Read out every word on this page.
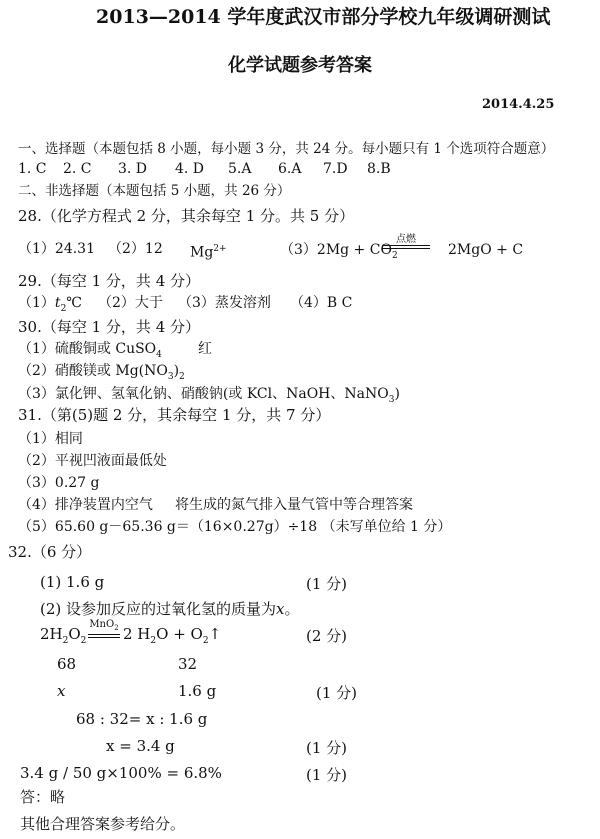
2013—2014 学年度武汉市部分学校九年级调研测试
化学试题参考答案
2014.4.25
一、选择题（本题包括 8 小题，每小题 3 分，共 24 分。每小题只有 1 个选项符合题意）
1. C 2. C 3. D 4. D 5.A 6.A 7.D 8.B
二、非选择题（本题包括 5 小题，共 26 分）
28.（化学方程式 2 分，其余每空 1 分。共 5 分）
（1）24.31 （2）12 $Mg^{2+}$	$(3)2Mg + CO_2$
点燃
2MgO + C
29.（每空 1 分，共 4 分）
$(1)t_2℃$ （2）大于 （3）蒸发溶剂 （4）B C
30.（每空 1 分，共 4 分）
（1）硫酸铜或 CuSO$_4$	红
（2）硝酸镁或 $Mg(NO_3)_2$
（3）氯化钾、氢氧化钠、硝酸钠(或 KCl、NaOH、NaNO$_3$)
31.（第(5)题 2 分，其余每空 1 分，共 7 分）
（1）相同
（2）平视凹液面最低处
（3）0.27 g
（4）排净装置内空气 将生成的氮气排入量气管中等合理答案
（5）65.60 g－65.36 g＝（16×0.27g）÷18 （未写单位给 1 分）
32.（6 分）
(1) 1.6 g	(1 分)
(2) 设参加反应的过氧化氢的质量为x。
$2H_2O_2$
MnO$_2$ 2 $H_2O$ + $O_2↑$	(2 分)
68	32
x	1.6 g	(1 分)
68 : 32= x : 1.6 g
x = 3.4 g	(1 分)
3.4 g / 50 g×100% = 6.8%	(1 分)
答：略
其他合理答案参考给分。
